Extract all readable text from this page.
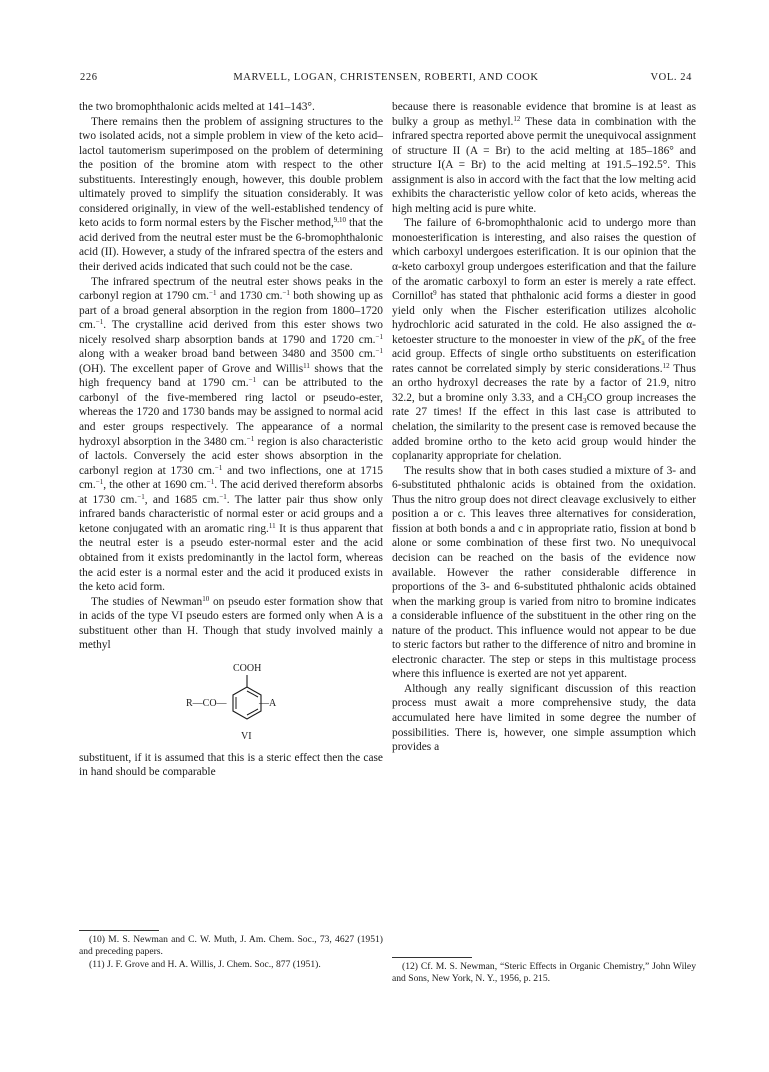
226	MARVELL, LOGAN, CHRISTENSEN, ROBERTI, AND COOK	VOL. 24

the two bromophthalonic acids melted at 141–143°.

There remains then the problem of assigning structures to the two isolated acids, not a simple problem in view of the keto acid–lactol tautomerism superimposed on the problem of determining the position of the bromine atom with respect to the other substituents. Interestingly enough, however, this double problem ultimately proved to simplify the situation considerably. It was considered originally, in view of the well-established tendency of keto acids to form normal esters by the Fischer method,$^{9,10}$ that the acid derived from the neutral ester must be the 6-bromophthalonic acid (II). However, a study of the infrared spectra of the esters and their derived acids indicated that such could not be the case.

The infrared spectrum of the neutral ester shows peaks in the carbonyl region at 1790 cm.$^{-1}$ and 1730 cm.$^{-1}$ both showing up as part of a broad general absorption in the region from 1800–1720 cm.$^{-1}$. The crystalline acid derived from this ester shows two nicely resolved sharp absorption bands at 1790 and 1720 cm.$^{-1}$ along with a weaker broad band between 3480 and 3500 cm.$^{-1}$ (OH). The excellent paper of Grove and Willis$^{11}$ shows that the high frequency band at 1790 cm.$^{-1}$ can be attributed to the carbonyl of the five-membered ring lactol or pseudo-ester, whereas the 1720 and 1730 bands may be assigned to normal acid and ester groups respectively. The appearance of a normal hydroxyl absorption in the 3480 cm.$^{-1}$ region is also characteristic of lactols. Conversely the acid ester shows absorption in the carbonyl region at 1730 cm.$^{-1}$ and two inflections, one at 1715 cm.$^{-1}$, the other at 1690 cm.$^{-1}$. The acid derived thereform absorbs at 1730 cm.$^{-1}$, and 1685 cm.$^{-1}$. The latter pair thus show only infrared bands characteristic of normal ester or acid groups and a ketone conjugated with an aromatic ring.$^{11}$ It is thus apparent that the neutral ester is a pseudo ester-normal ester and the acid obtained from it exists predominantly in the lactol form, whereas the acid ester is a normal ester and the acid it produced exists in the keto acid form.

The studies of Newman$^{10}$ on pseudo ester formation show that in acids of the type VI pseudo esters are formed only when A is a substituent other than H. Though that study involved mainly a methyl

COOH
R—CO—	—A
VI

substituent, if it is assumed that this is a steric effect then the case in hand should be comparable

because there is reasonable evidence that bromine is at least as bulky a group as methyl.$^{12}$ These data in combination with the infrared spectra reported above permit the unequivocal assignment of structure II (A = Br) to the acid melting at 185–186° and structure I(A = Br) to the acid melting at 191.5–192.5°. This assignment is also in accord with the fact that the low melting acid exhibits the characteristic yellow color of keto acids, whereas the high melting acid is pure white.

The failure of 6-bromophthalonic acid to undergo more than monoesterification is interesting, and also raises the question of which carboxyl undergoes esterification. It is our opinion that the α-keto carboxyl group undergoes esterification and that the failure of the aromatic carboxyl to form an ester is merely a rate effect. Cornillot$^9$ has stated that phthalonic acid forms a diester in good yield only when the Fischer esterification utilizes alcoholic hydrochloric acid saturated in the cold. He also assigned the α-ketoester structure to the monoester in view of the $pK_a$ of the free acid group. Effects of single ortho substituents on esterification rates cannot be correlated simply by steric considerations.$^{12}$ Thus an ortho hydroxyl decreases the rate by a factor of 21.9, nitro 32.2, but a bromine only 3.33, and a $CH_3CO$ group increases the rate 27 times! If the effect in this last case is attributed to chelation, the similarity to the present case is removed because the added bromine ortho to the keto acid group would hinder the coplanarity appropriate for chelation.

The results show that in both cases studied a mixture of 3- and 6-substituted phthalonic acids is obtained from the oxidation. Thus the nitro group does not direct cleavage exclusively to either position a or c. This leaves three alternatives for consideration, fission at both bonds a and c in appropriate ratio, fission at bond b alone or some combination of these first two. No unequivocal decision can be reached on the basis of the evidence now available. However the rather considerable difference in proportions of the 3- and 6-substituted phthalonic acids obtained when the marking group is varied from nitro to bromine indicates a considerable influence of the substituent in the other ring on the nature of the product. This influence would not appear to be due to steric factors but rather to the difference of nitro and bromine in electronic character. The step or steps in this multistage process where this influence is exerted are not yet apparent.

Although any really significant discussion of this reaction process must await a more comprehensive study, the data accumulated here have limited in some degree the number of possibilities. There is, however, one simple assumption which provides a

(10) M. S. Newman and C. W. Muth, J. Am. Chem. Soc., 73, 4627 (1951) and preceding papers.

(11) J. F. Grove and H. A. Willis, J. Chem. Soc., 877 (1951).	(12) Cf. M. S. Newman, “Steric Effects in Organic Chemistry,” John Wiley and Sons, New York, N. Y., 1956, p. 215.
